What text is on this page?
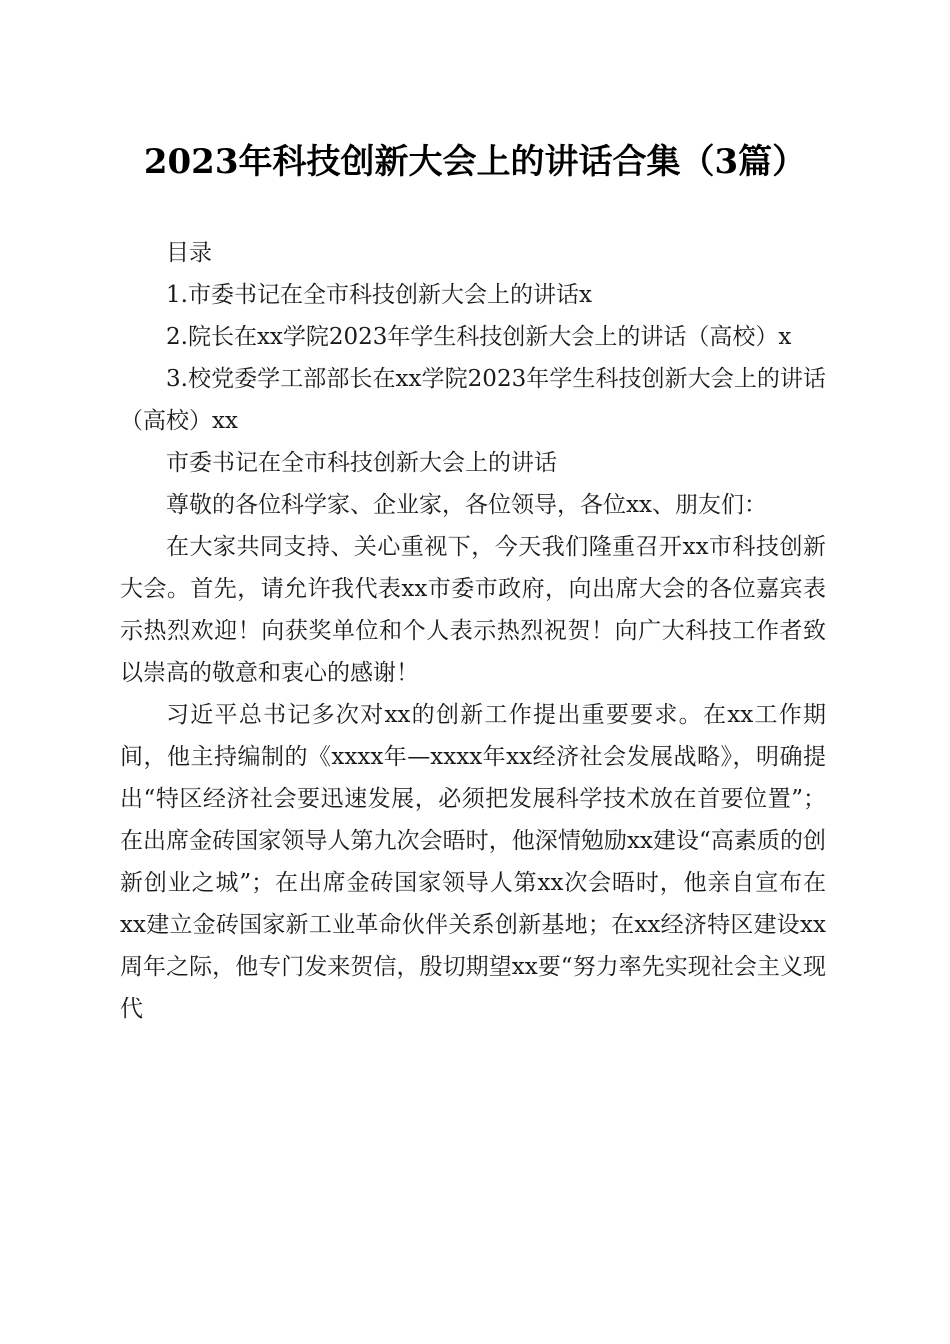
2023年科技创新大会上的讲话合集（3篇）

目录

1.市委书记在全市科技创新大会上的讲话x

2.院长在xx学院2023年学生科技创新大会上的讲话（高校）x

3.校党委学工部部长在xx学院2023年学生科技创新大会上的讲话（高校）xx

市委书记在全市科技创新大会上的讲话

尊敬的各位科学家、企业家，各位领导，各位xx、朋友们：

在大家共同支持、关心重视下，今天我们隆重召开xx市科技创新大会。首先，请允许我代表xx市委市政府，向出席大会的各位嘉宾表示热烈欢迎！向获奖单位和个人表示热烈祝贺！向广大科技工作者致以崇高的敬意和衷心的感谢！

习近平总书记多次对xx的创新工作提出重要要求。在xx工作期间，他主持编制的《xxxx年—xxxx年xx经济社会发展战略》，明确提出“特区经济社会要迅速发展，必须把发展科学技术放在首要位置”；在出席金砖国家领导人第九次会晤时，他深情勉励xx建设“高素质的创新创业之城”；在出席金砖国家领导人第xx次会晤时，他亲自宣布在xx建立金砖国家新工业革命伙伴关系创新基地；在xx经济特区建设xx周年之际，他专门发来贺信，殷切期望xx要“努力率先实现社会主义现代
